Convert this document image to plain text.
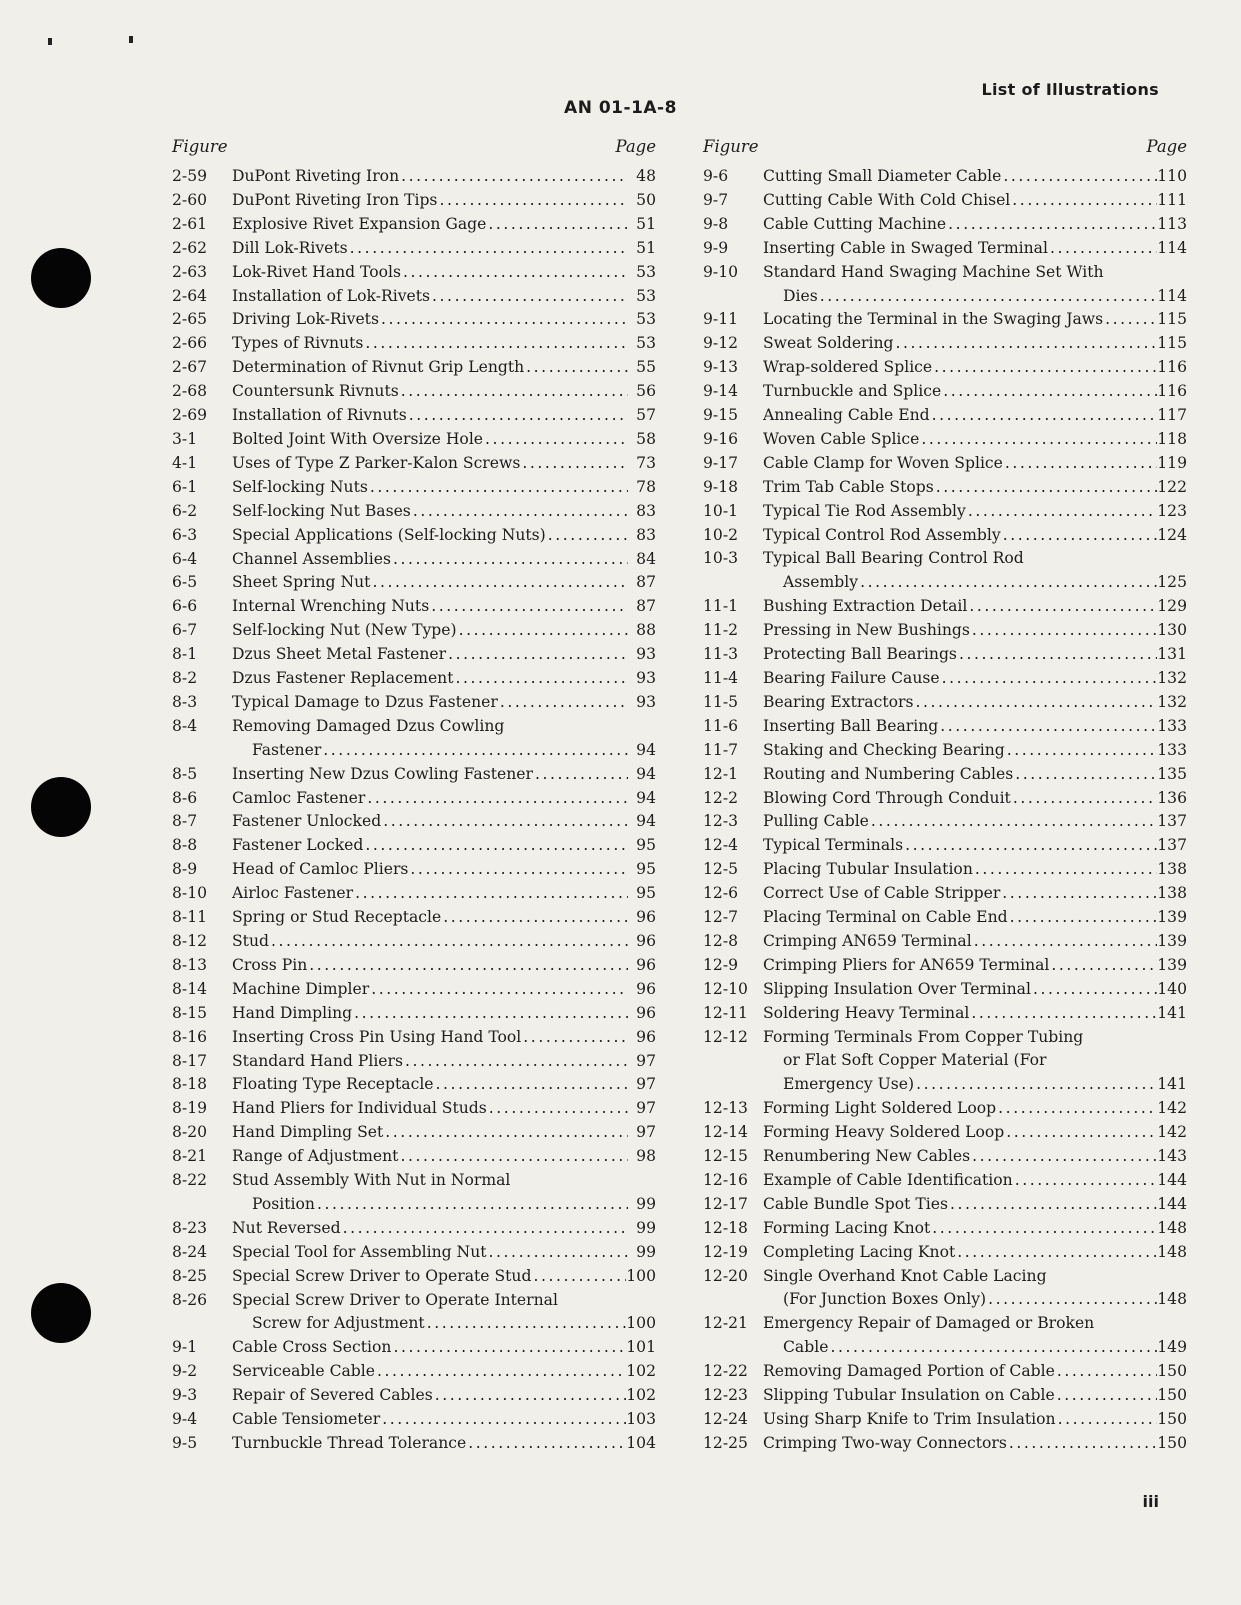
List of Illustrations
AN 01-1A-8
Figure	Page
2-59	DuPont Riveting Iron . . .	48
2-60	DuPont Riveting Iron Tips . . .	50
2-61	Explosive Rivet Expansion Gage . . .	51
2-62	Dill Lok-Rivets . . .	51
2-63	Lok-Rivet Hand Tools . . .	53
2-64	Installation of Lok-Rivets . . .	53
2-65	Driving Lok-Rivets . . .	53
2-66	Types of Rivnuts . . .	53
2-67	Determination of Rivnut Grip Length . . .	55
2-68	Countersunk Rivnuts . . .	56
2-69	Installation of Rivnuts . . .	57
3-1	Bolted Joint With Oversize Hole . . .	58
4-1	Uses of Type Z Parker-Kalon Screws . . .	73
6-1	Self-locking Nuts . . .	78
6-2	Self-locking Nut Bases . . .	83
6-3	Special Applications (Self-locking Nuts) . . .	83
6-4	Channel Assemblies . . .	84
6-5	Sheet Spring Nut . . .	87
6-6	Internal Wrenching Nuts . . .	87
6-7	Self-locking Nut (New Type) . . .	88
8-1	Dzus Sheet Metal Fastener . . .	93
8-2	Dzus Fastener Replacement . . .	93
8-3	Typical Damage to Dzus Fastener . . .	93
8-4	Removing Damaged Dzus Cowling
Fastener . . .	94
8-5	Inserting New Dzus Cowling Fastener . . .	94
8-6	Camloc Fastener . . .	94
8-7	Fastener Unlocked . . .	94
8-8	Fastener Locked . . .	95
8-9	Head of Camloc Pliers . . .	95
8-10	Airloc Fastener . . .	95
8-11	Spring or Stud Receptacle . . .	96
8-12	Stud . . .	96
8-13	Cross Pin . . .	96
8-14	Machine Dimpler . . .	96
8-15	Hand Dimpling . . .	96
8-16	Inserting Cross Pin Using Hand Tool . . .	96
8-17	Standard Hand Pliers . . .	97
8-18	Floating Type Receptacle . . .	97
8-19	Hand Pliers for Individual Studs . . .	97
8-20	Hand Dimpling Set . . .	97
8-21	Range of Adjustment . . .	98
8-22	Stud Assembly With Nut in Normal
Position . . .	99
8-23	Nut Reversed . . .	99
8-24	Special Tool for Assembling Nut . . .	99
8-25	Special Screw Driver to Operate Stud . . .	100
8-26	Special Screw Driver to Operate Internal
Screw for Adjustment . . .	100
9-1	Cable Cross Section . . .	101
9-2	Serviceable Cable . . .	102
9-3	Repair of Severed Cables . . .	102
9-4	Cable Tensiometer . . .	103
9-5	Turnbuckle Thread Tolerance . . .	104
Figure	Page
9-6	Cutting Small Diameter Cable . . .	110
9-7	Cutting Cable With Cold Chisel . . .	111
9-8	Cable Cutting Machine . . .	113
9-9	Inserting Cable in Swaged Terminal . . .	114
9-10	Standard Hand Swaging Machine Set With
Dies . . .	114
9-11	Locating the Terminal in the Swaging Jaws . . .	115
9-12	Sweat Soldering . . .	115
9-13	Wrap-soldered Splice . . .	116
9-14	Turnbuckle and Splice . . .	116
9-15	Annealing Cable End . . .	117
9-16	Woven Cable Splice . . .	118
9-17	Cable Clamp for Woven Splice . . .	119
9-18	Trim Tab Cable Stops . . .	122
10-1	Typical Tie Rod Assembly . . .	123
10-2	Typical Control Rod Assembly . . .	124
10-3	Typical Ball Bearing Control Rod
Assembly . . .	125
11-1	Bushing Extraction Detail . . .	129
11-2	Pressing in New Bushings . . .	130
11-3	Protecting Ball Bearings . . .	131
11-4	Bearing Failure Cause . . .	132
11-5	Bearing Extractors . . .	132
11-6	Inserting Ball Bearing . . .	133
11-7	Staking and Checking Bearing . . .	133
12-1	Routing and Numbering Cables . . .	135
12-2	Blowing Cord Through Conduit . . .	136
12-3	Pulling Cable . . .	137
12-4	Typical Terminals . . .	137
12-5	Placing Tubular Insulation . . .	138
12-6	Correct Use of Cable Stripper . . .	138
12-7	Placing Terminal on Cable End . . .	139
12-8	Crimping AN659 Terminal . . .	139
12-9	Crimping Pliers for AN659 Terminal . . .	139
12-10 Slipping Insulation Over Terminal . . .	140
12-11 Soldering Heavy Terminal . . .	141
12-12 Forming Terminals From Copper Tubing
or Flat Soft Copper Material (For
Emergency Use) . . .	141
12-13 Forming Light Soldered Loop . . .	142
12-14 Forming Heavy Soldered Loop . . .	142
12-15 Renumbering New Cables . . .	143
12-16 Example of Cable Identification . . .	144
12-17 Cable Bundle Spot Ties . . .	144
12-18 Forming Lacing Knot . . .	148
12-19 Completing Lacing Knot . . .	148
12-20 Single Overhand Knot Cable Lacing
(For Junction Boxes Only) . . .	148
12-21 Emergency Repair of Damaged or Broken
Cable . . .	149
12-22 Removing Damaged Portion of Cable . . .	150
12-23 Slipping Tubular Insulation on Cable . . .	150
12-24 Using Sharp Knife to Trim Insulation . . .	150
12-25 Crimping Two-way Connectors . . .	150
iii
